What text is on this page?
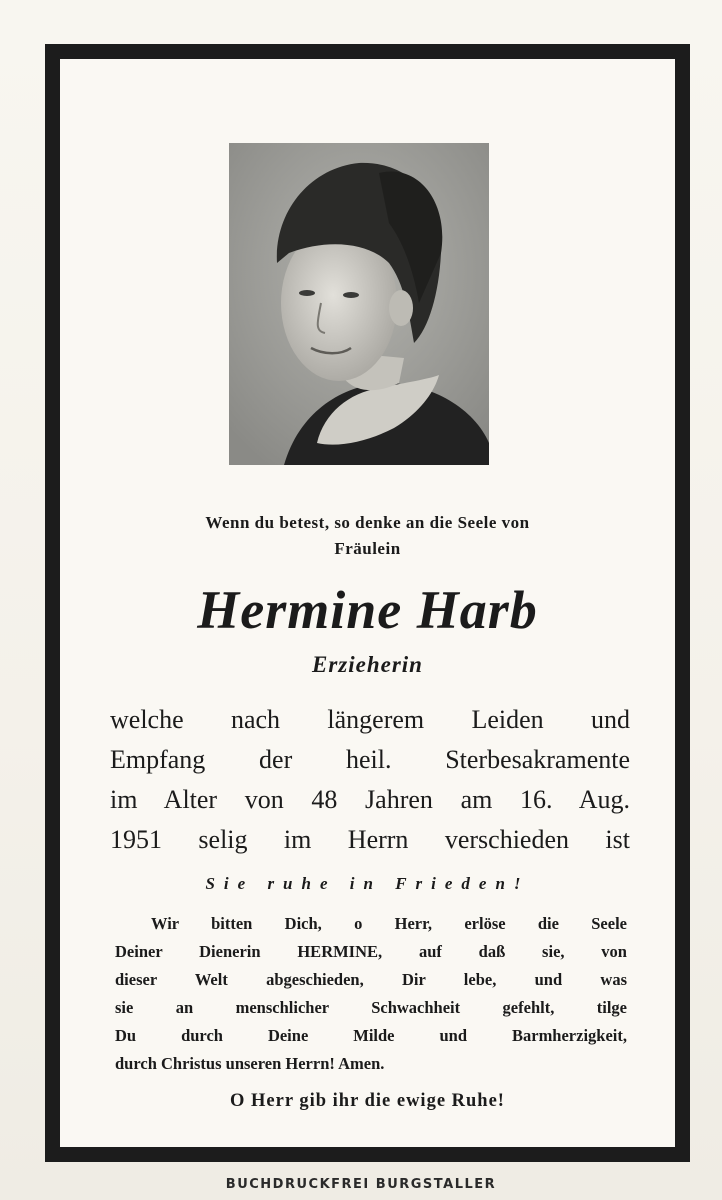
Wenn du betest, so denke an die Seele von
Fräulein
Hermine Harb
Erzieherin
welche nach längerem Leiden und
Empfang der heil. Sterbesakramente
im Alter von 48 Jahren am 16. Aug.
1951 selig im Herrn verschieden ist
Sie ruhe in Frieden!
Wir bitten Dich, o Herr, erlöse die Seele
Deiner Dienerin HERMINE, auf daß sie, von
dieser Welt abgeschieden, Dir lebe, und was
sie an menschlicher Schwachheit gefehlt, tilge
Du durch Deine Milde und Barmherzigkeit,
durch Christus unseren Herrn! Amen.
O Herr gib ihr die ewige Ruhe!
BUCHDRUCKFREI BURGSTALLER
